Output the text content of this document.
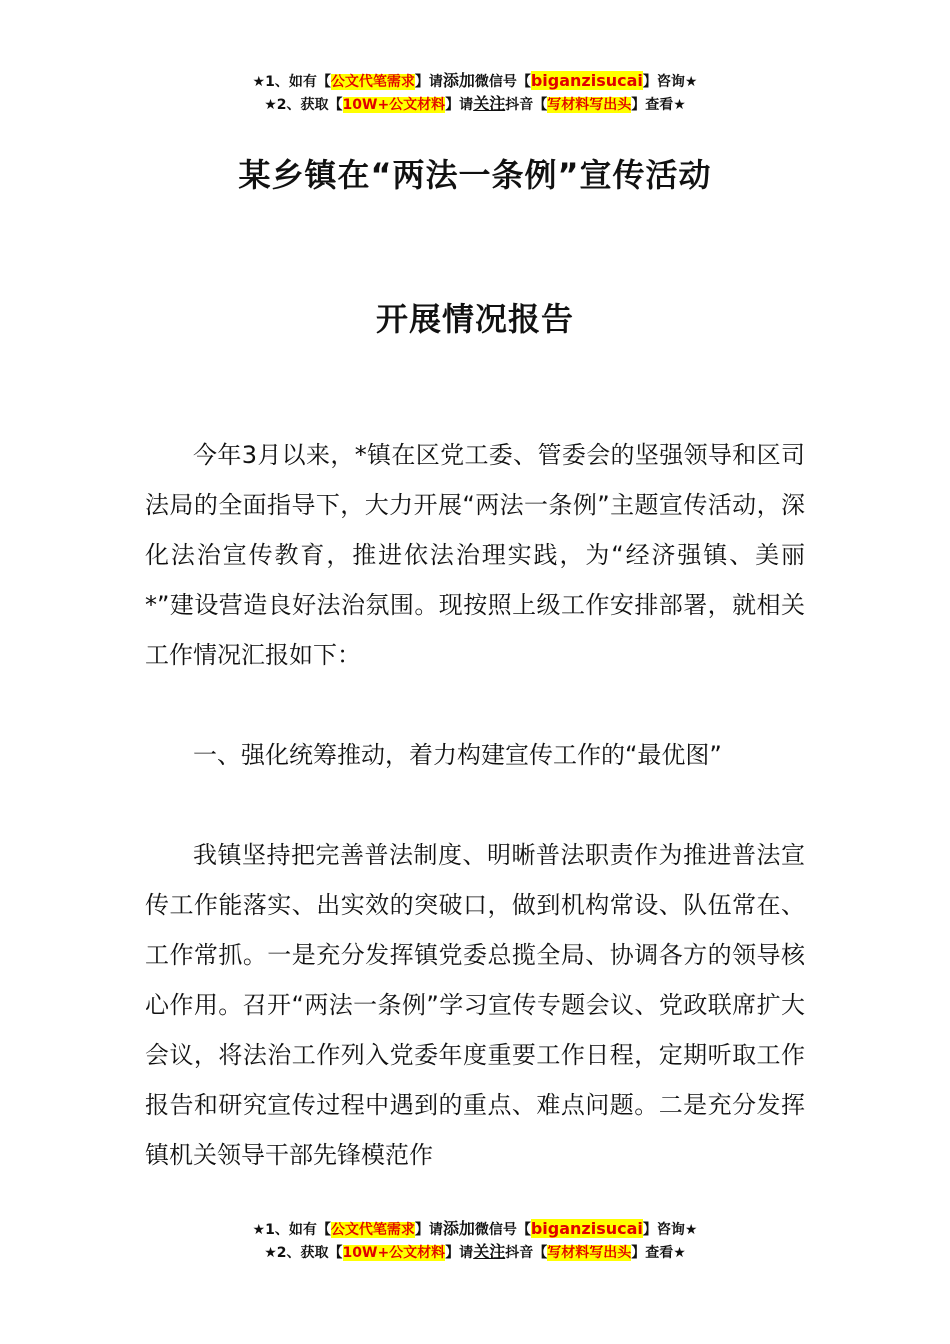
★1、如有【公文代笔需求】请添加微信号【biganzisucai】咨询★
★2、获取【10W+公文材料】请关注抖音【写材料写出头】查看★
某乡镇在“两法一条例”宣传活动
开展情况报告

今年3月以来，*镇在区党工委、管委会的坚强领导和区司法局的全面指导下，大力开展“两法一条例”主题宣传活动，深化法治宣传教育，推进依法治理实践，为“经济强镇、美丽*”建设营造良好法治氛围。现按照上级工作安排部署，就相关工作情况汇报如下：

一、强化统筹推动，着力构建宣传工作的“最优图”

我镇坚持把完善普法制度、明晰普法职责作为推进普法宣传工作能落实、出实效的突破口，做到机构常设、队伍常在、工作常抓。一是充分发挥镇党委总揽全局、协调各方的领导核心作用。召开“两法一条例”学习宣传专题会议、党政联席扩大会议，将法治工作列入党委年度重要工作日程，定期听取工作报告和研究宣传过程中遇到的重点、难点问题。二是充分发挥镇机关领导干部先锋模范作

★1、如有【公文代笔需求】请添加微信号【biganzisucai】咨询★
★2、获取【10W+公文材料】请关注抖音【写材料写出头】查看★
